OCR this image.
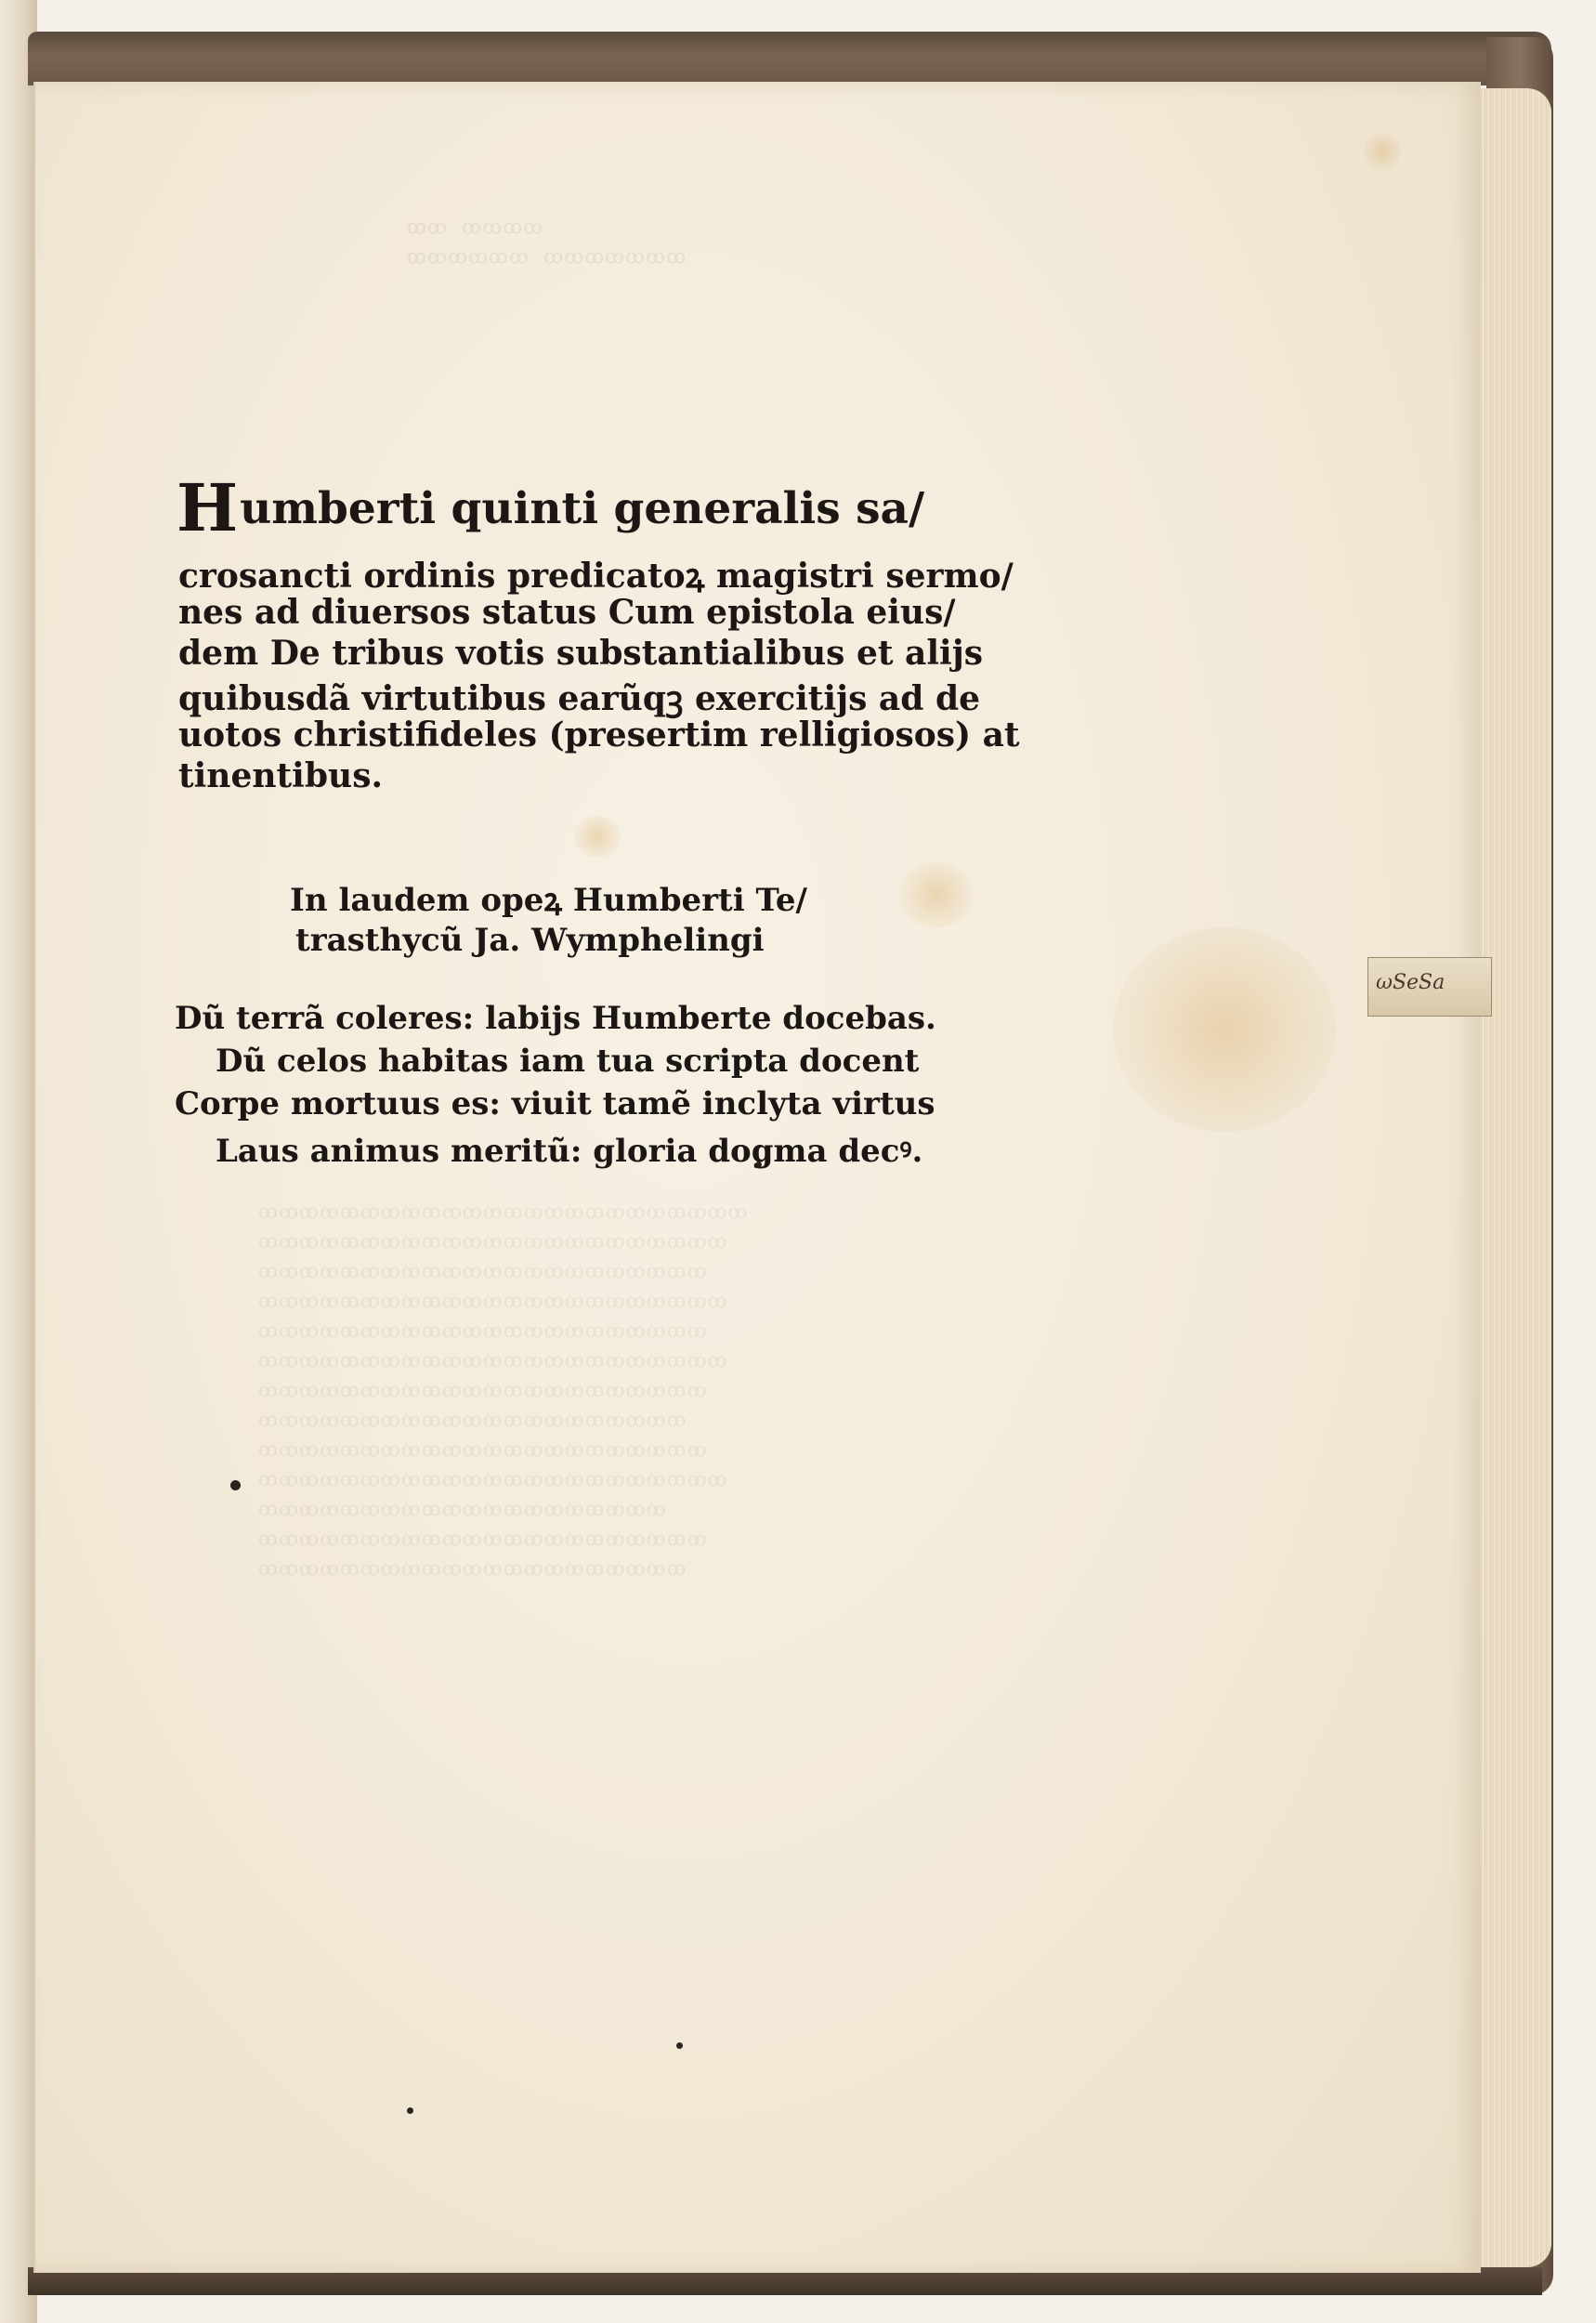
ꝏꝏ  ꝏꝏꝏꝏ
ꝏꝏꝏꝏꝏꝏ  ꝏꝏꝏꝏꝏꝏꝏ
ꝏꝏꝏꝏꝏꝏꝏꝏꝏꝏꝏꝏꝏꝏꝏꝏꝏꝏꝏꝏꝏꝏꝏꝏ
ꝏꝏꝏꝏꝏꝏꝏꝏꝏꝏꝏꝏꝏꝏꝏꝏꝏꝏꝏꝏꝏꝏꝏ
ꝏꝏꝏꝏꝏꝏꝏꝏꝏꝏꝏꝏꝏꝏꝏꝏꝏꝏꝏꝏꝏꝏ
ꝏꝏꝏꝏꝏꝏꝏꝏꝏꝏꝏꝏꝏꝏꝏꝏꝏꝏꝏꝏꝏꝏꝏ
ꝏꝏꝏꝏꝏꝏꝏꝏꝏꝏꝏꝏꝏꝏꝏꝏꝏꝏꝏꝏꝏꝏ
ꝏꝏꝏꝏꝏꝏꝏꝏꝏꝏꝏꝏꝏꝏꝏꝏꝏꝏꝏꝏꝏꝏꝏ
ꝏꝏꝏꝏꝏꝏꝏꝏꝏꝏꝏꝏꝏꝏꝏꝏꝏꝏꝏꝏꝏꝏ
ꝏꝏꝏꝏꝏꝏꝏꝏꝏꝏꝏꝏꝏꝏꝏꝏꝏꝏꝏꝏꝏ
ꝏꝏꝏꝏꝏꝏꝏꝏꝏꝏꝏꝏꝏꝏꝏꝏꝏꝏꝏꝏꝏꝏ
ꝏꝏꝏꝏꝏꝏꝏꝏꝏꝏꝏꝏꝏꝏꝏꝏꝏꝏꝏꝏꝏꝏꝏ
ꝏꝏꝏꝏꝏꝏꝏꝏꝏꝏꝏꝏꝏꝏꝏꝏꝏꝏꝏꝏ
ꝏꝏꝏꝏꝏꝏꝏꝏꝏꝏꝏꝏꝏꝏꝏꝏꝏꝏꝏꝏꝏꝏ
ꝏꝏꝏꝏꝏꝏꝏꝏꝏꝏꝏꝏꝏꝏꝏꝏꝏꝏꝏꝏꝏ
Humberti quinti generalis sa/
crosancti ordinis predicatoꝝ magistri sermo/
nes ad diuersos status Cum epistola eius/
dem De tribus votis substantialibus et alijs
quibusdã virtutibus earũqꝫ exercitijs ad de
uotos christifideles (presertim relligiosos) at
tinentibus.
In laudem opeꝝ Humberti Te/
trasthycũ Ja. Wymphelingi
Dũ terrã coleres: labijs Humberte docebas.
Dũ celos habitas iam tua scripta docent
Corpe mortuus es: viuit tamẽ inclyta virtus
Laus animus meritũ: gloria dogma decꝰ.
ωSeSa
